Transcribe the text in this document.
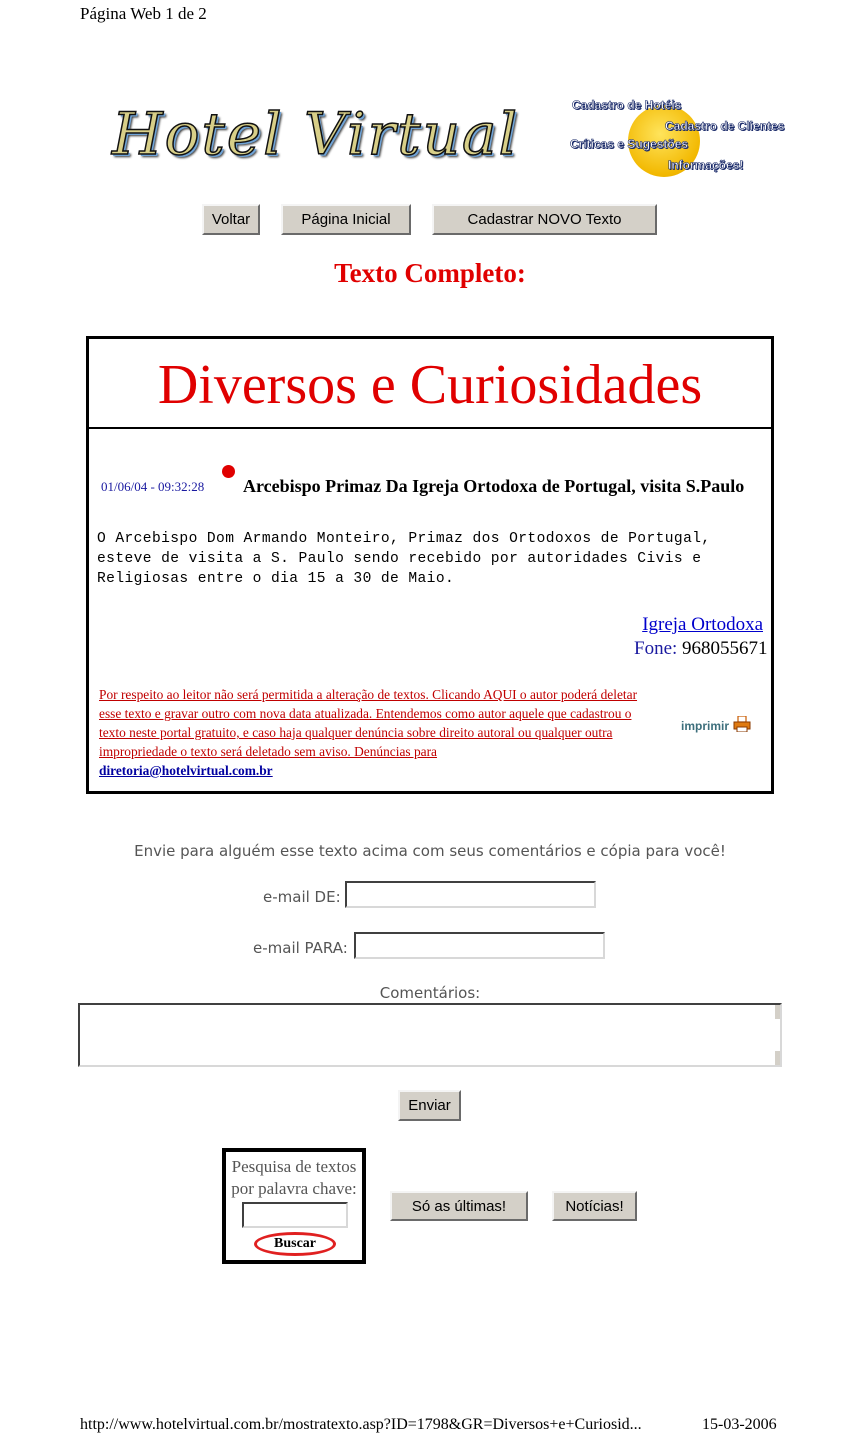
Página Web 1 de 2
Hotel Virtual	Cadastro de Hotéis
Cadastro de Clientes
Críticas e Sugestões
Informações!
Voltar	Página Inicial	Cadastrar NOVO Texto
Texto Completo:
Diversos e Curiosidades
01/06/04 - 09:32:28 Arcebispo Primaz Da Igreja Ortodoxa de Portugal, visita S.Paulo
O Arcebispo Dom Armando Monteiro, Primaz dos Ortodoxos de Portugal, esteve de visita a S. Paulo sendo recebido por autoridades Civis e Religiosas entre o dia 15 a 30 de Maio.
Igreja Ortodoxa
Fone: 968055671
Por respeito ao leitor não será permitida a alteração de textos. Clicando AQUI o autor poderá deletar esse texto e gravar outro com nova data atualizada. Entendemos como autor aquele que cadastrou o texto neste portal gratuito, e caso haja qualquer denúncia sobre direito autoral ou qualquer outra impropriedade o texto será deletado sem aviso. Denúncias para
diretoria@hotelvirtual.com.br
imprimir
Envie para alguém esse texto acima com seus comentários e cópia para você!
e-mail DE:
e-mail PARA:
Comentários:
Enviar
Pesquisa de textos por palavra chave:
Buscar
Só as últimas!	Notícias!
http://www.hotelvirtual.com.br/mostratexto.asp?ID=1798&GR=Diversos+e+Curiosid...	15-03-2006
